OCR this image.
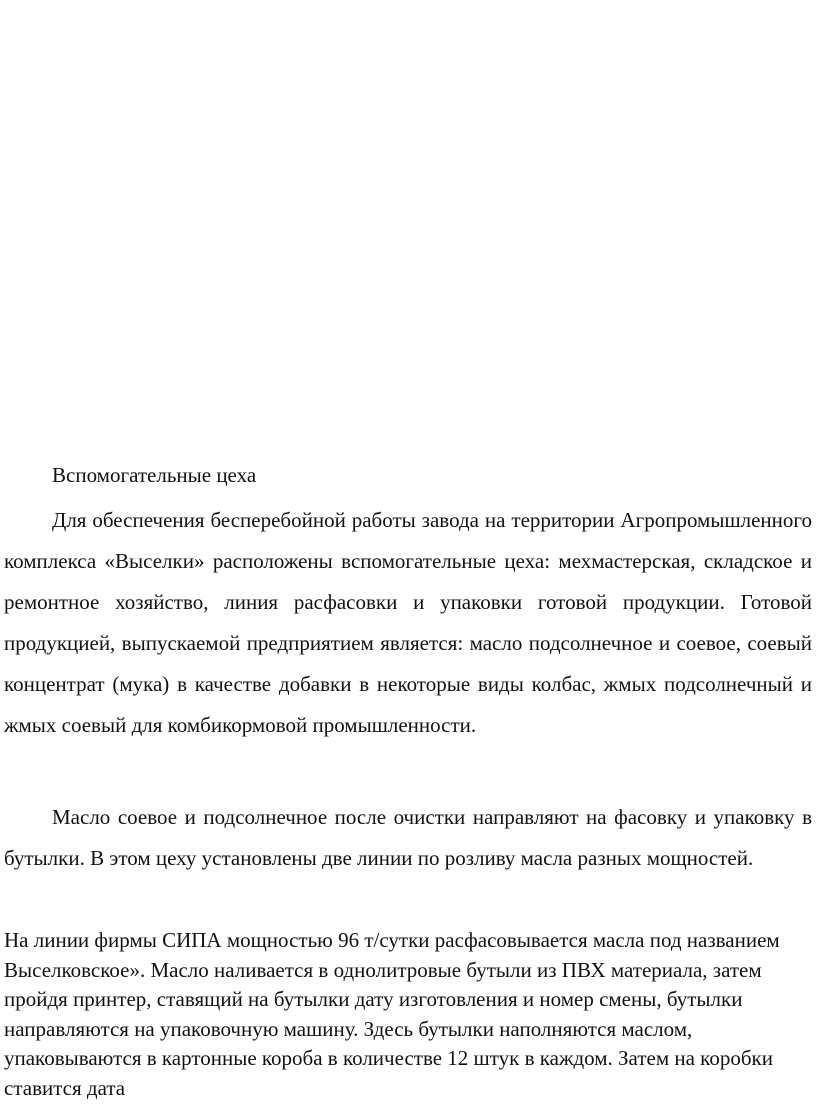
Вспомогательные цеха

Для обеспечения бесперебойной работы завода на территории Агропромышленного комплекса «Выселки» расположены вспомогательные цеха: мехмастерская, складское и ремонтное хозяйство, линия расфасовки и упаковки готовой продукции. Готовой продукцией, выпускаемой предприятием является: масло подсолнечное и соевое, соевый концентрат (мука) в качестве добавки в некоторые виды колбас, жмых подсолнечный и жмых соевый для комбикормовой промышленности.

Масло соевое и подсолнечное после очистки направляют на фасовку и упаковку в бутылки. В этом цеху установлены две линии по розливу масла разных мощностей.

На линии фирмы СИПА мощностью 96 т/сутки расфасовывается масла под названием Выселковское». Масло наливается в однолитровые бутыли из ПВХ материала, затем пройдя принтер, ставящий на бутылки дату изготовления и номер смены, бутылки направляются на упаковочную машину. Здесь бутылки наполняются маслом, упаковываются в картонные короба в количестве 12 штук в каждом. Затем на коробки ставится дата
